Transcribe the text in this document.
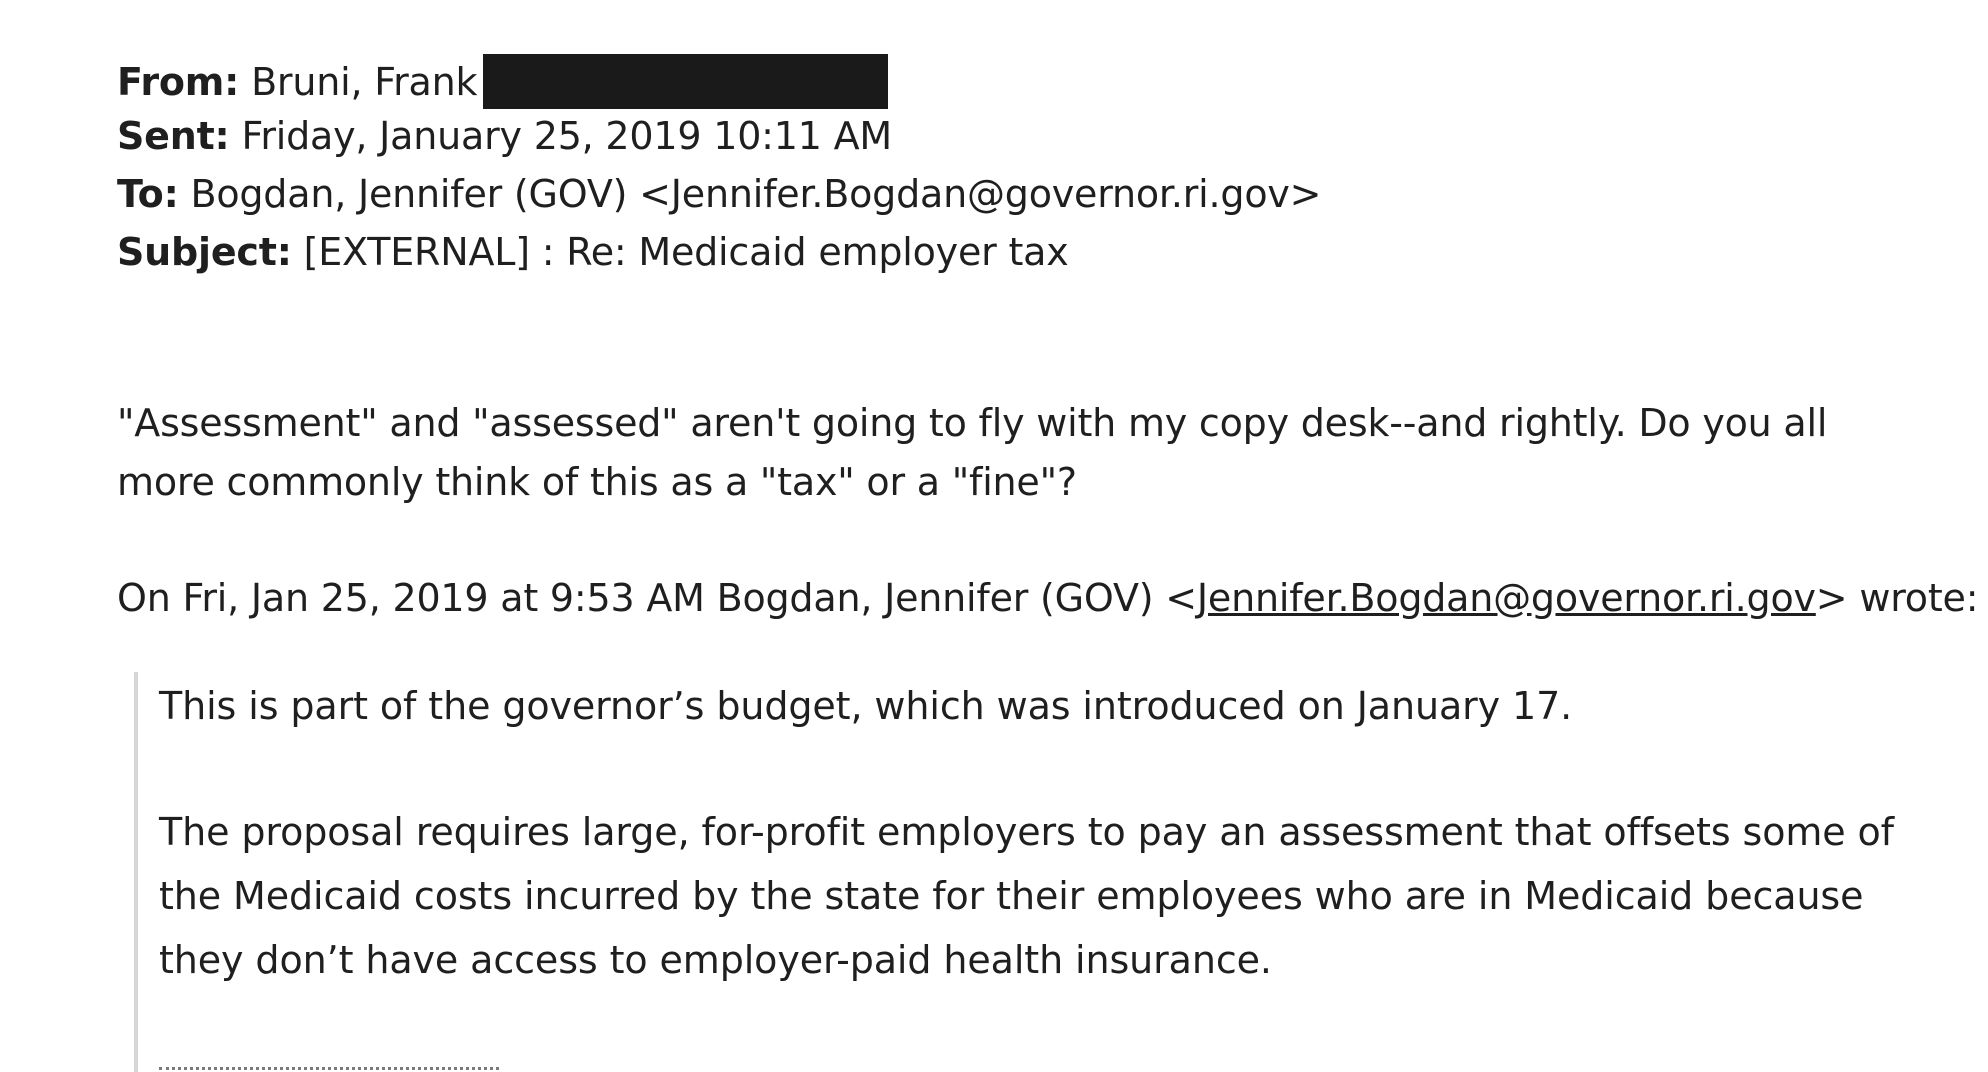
From: Bruni, Frank
Sent: Friday, January 25, 2019 10:11 AM
To: Bogdan, Jennifer (GOV) <Jennifer.Bogdan@governor.ri.gov>
Subject: [EXTERNAL] : Re: Medicaid employer tax
"Assessment" and "assessed" aren't going to fly with my copy desk--and rightly. Do you all more commonly think of this as a "tax" or a "fine"?
On Fri, Jan 25, 2019 at 9:53 AM Bogdan, Jennifer (GOV) <Jennifer.Bogdan@governor.ri.gov> wrote:
This is part of the governor’s budget, which was introduced on January 17.
The proposal requires large, for-profit employers to pay an assessment that offsets some of the Medicaid costs incurred by the state for their employees who are in Medicaid because they don’t have access to employer-paid health insurance.
